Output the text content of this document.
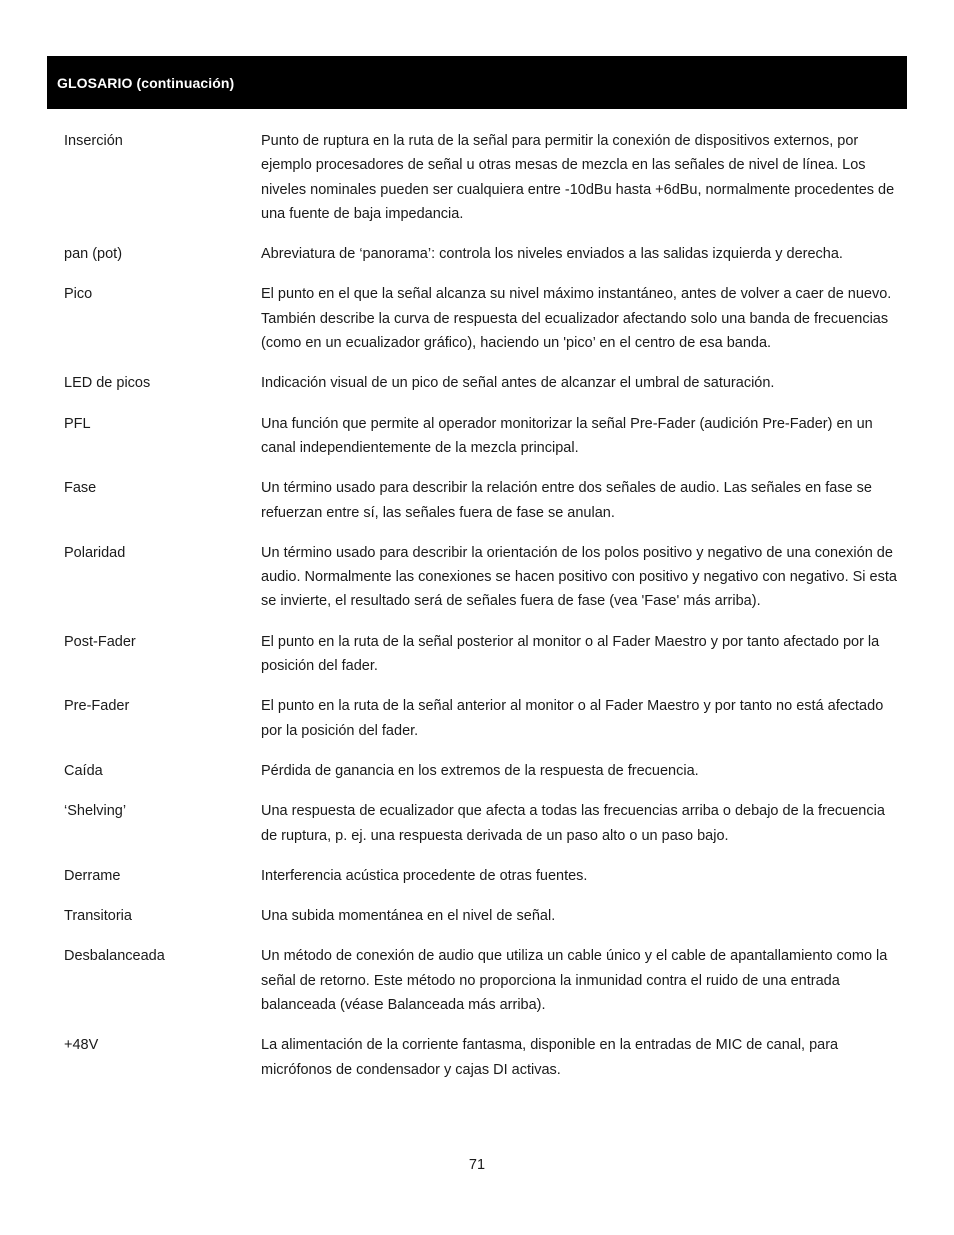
GLOSARIO (continuación)
Inserción	Punto de ruptura en la ruta de la señal para permitir la conexión de dispositivos externos, por ejemplo procesadores de señal u otras mesas de mezcla en las señales de nivel de línea. Los niveles nominales pueden ser cualquiera entre -10dBu hasta +6dBu, normalmente procedentes de una fuente de baja impedancia.
pan (pot)	Abreviatura de ‘panorama’: controla los niveles enviados a las salidas izquierda y derecha.
Pico	El punto en el que la señal alcanza su nivel máximo instantáneo, antes de volver a caer de nuevo. También describe la curva de respuesta del ecualizador afectando solo una banda de frecuencias (como en un ecualizador gráfico), haciendo un 'pico’ en el centro de esa banda.
LED de picos	Indicación visual de un pico de señal antes de alcanzar el umbral de saturación.
PFL	Una función que permite al operador monitorizar la señal Pre-Fader (audición Pre-Fader) en un canal independientemente de la mezcla principal.
Fase	Un término usado para describir la relación entre dos señales de audio. Las señales en fase se refuerzan entre sí, las señales fuera de fase se anulan.
Polaridad	Un término usado para describir la orientación de los polos positivo y negativo de una conexión de audio. Normalmente las conexiones se hacen positivo con positivo y negativo con negativo. Si esta se invierte, el resultado será de señales fuera de fase (vea 'Fase' más arriba).
Post-Fader	El punto en la ruta de la señal posterior al monitor o al Fader Maestro y por tanto afectado por la posición del fader.
Pre-Fader	El punto en la ruta de la señal anterior al monitor o al Fader Maestro y por tanto no está afectado por la posición del fader.
Caída	Pérdida de ganancia en los extremos de la respuesta de frecuencia.
‘Shelving’	Una respuesta de ecualizador que afecta a todas las frecuencias arriba o debajo de la frecuencia de ruptura, p. ej. una respuesta derivada de un paso alto o un paso bajo.
Derrame	Interferencia acústica procedente de otras fuentes.
Transitoria	Una subida momentánea en el nivel de señal.
Desbalanceada	Un método de conexión de audio que utiliza un cable único y el cable de apantallamiento como la señal de retorno. Este método no proporciona la inmunidad contra el ruido de una entrada balanceada (véase Balanceada más arriba).
+48V	La alimentación de la corriente fantasma, disponible en la entradas de MIC de canal, para micrófonos de condensador y cajas DI activas.
71
